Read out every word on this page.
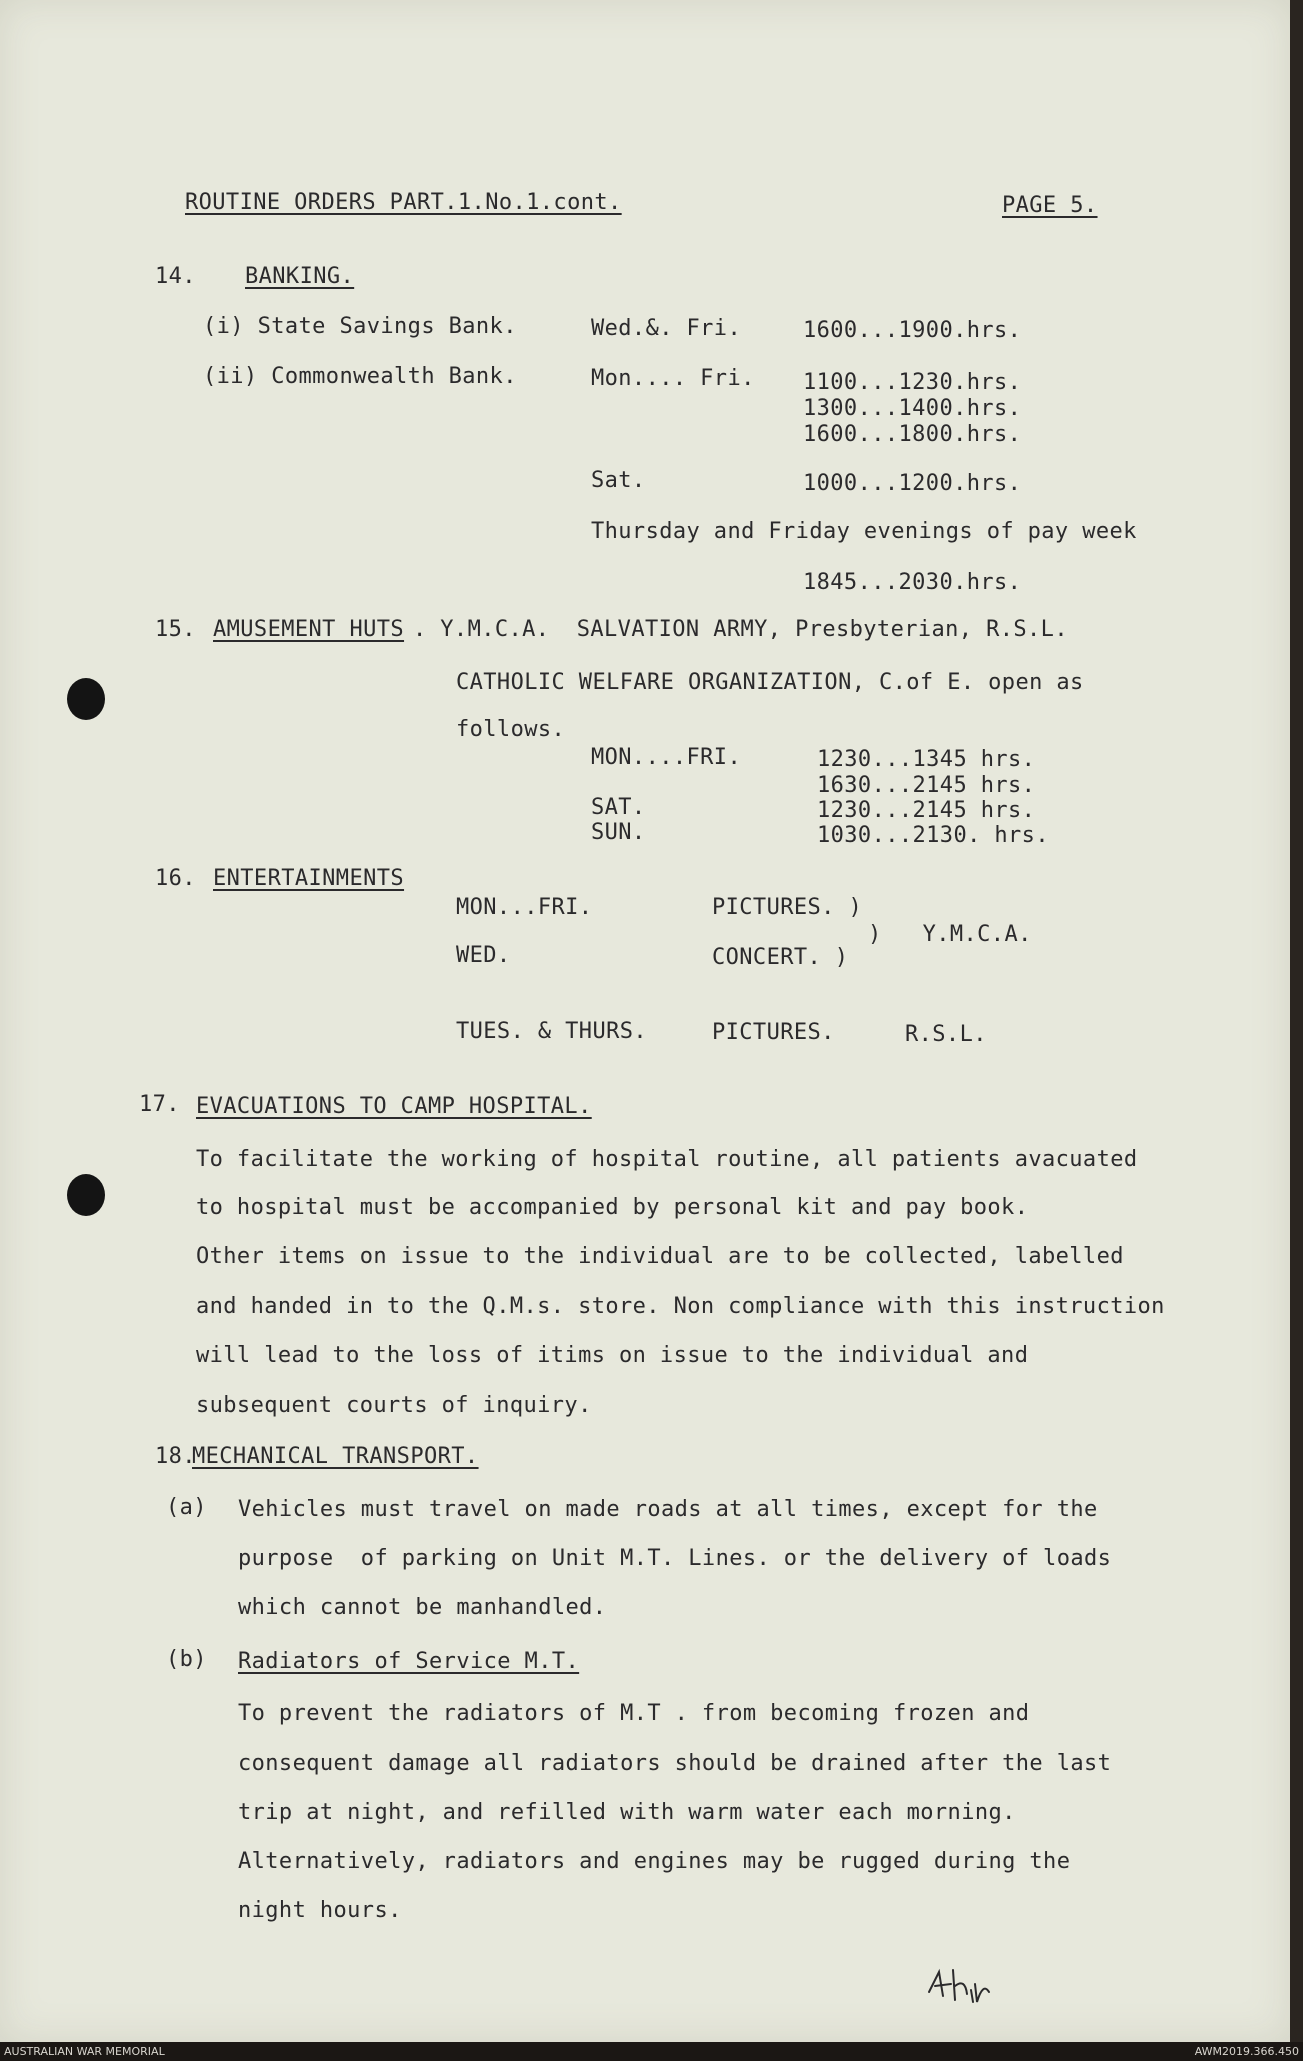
ROUTINE ORDERS PART.1.No.1.cont.	PAGE 5.
14. BANKING.
(i) State Savings Bank.	Wed.&. Fri.	1600...1900.hrs.
(ii) Commonwealth Bank.	Mon.... Fri. 1100...1230.hrs.
1300...1400.hrs.
1600...1800.hrs.
Sat.	1000...1200.hrs.
Thursday and Friday evenings of pay week
1845...2030.hrs.
15. AMUSEMENT HUTS . Y.M.C.A.  SALVATION ARMY, Presbyterian, R.S.L.
CATHOLIC WELFARE ORGANIZATION, C.of E. open as
follows.
MON....FRI.	1230...1345 hrs.
1630...2145 hrs.
SAT.	1230...2145 hrs.
SUN.	1030...2130. hrs.
16. ENTERTAINMENTS
MON...FRI.	PICTURES. )
)   Y.M.C.A.
WED.	CONCERT. )
TUES. & THURS.	PICTURES.	R.S.L.
17. EVACUATIONS TO CAMP HOSPITAL.
To facilitate the working of hospital routine, all patients avacuated
to hospital must be accompanied by personal kit and pay book.
Other items on issue to the individual are to be collected, labelled
and handed in to the Q.M.s. store. Non compliance with this instruction
will lead to the loss of itims on issue to the individual and
subsequent courts of inquiry.
18.
MECHANICAL TRANSPORT.
(a) Vehicles must travel on made roads at all times, except for the
purpose  of parking on Unit M.T. Lines. or the delivery of loads
which cannot be manhandled.
(b) Radiators of Service M.T.
To prevent the radiators of M.T . from becoming frozen and
consequent damage all radiators should be drained after the last
trip at night, and refilled with warm water each morning.
Alternatively, radiators and engines may be rugged during the
night hours.
AUSTRALIAN WAR MEMORIAL	AWM2019.366.450
